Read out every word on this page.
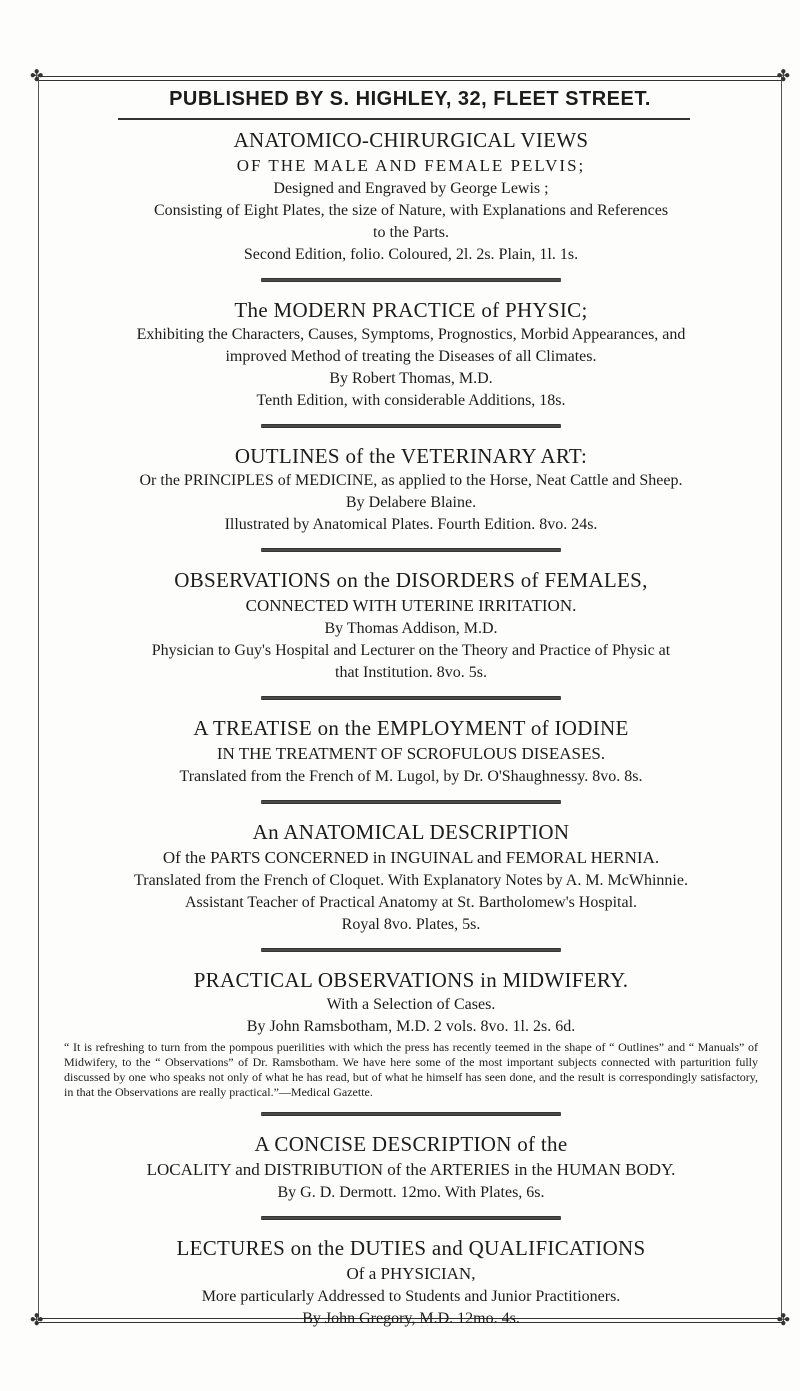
✤	✤
✤	✤
PUBLISHED BY S. HIGHLEY, 32, FLEET STREET.
ANATOMICO-CHIRURGICAL VIEWS
OF THE MALE AND FEMALE PELVIS;
Designed and Engraved by George Lewis ;
Consisting of Eight Plates, the size of Nature, with Explanations and References
to the Parts.
Second Edition, folio. Coloured, 2l. 2s. Plain, 1l. 1s.
The MODERN PRACTICE of PHYSIC;
Exhibiting the Characters, Causes, Symptoms, Prognostics, Morbid Appearances, and
improved Method of treating the Diseases of all Climates.
By Robert Thomas, M.D.
Tenth Edition, with considerable Additions, 18s.
OUTLINES of the VETERINARY ART:
Or the PRINCIPLES of MEDICINE, as applied to the Horse, Neat Cattle and Sheep.
By Delabere Blaine.
Illustrated by Anatomical Plates. Fourth Edition. 8vo. 24s.
OBSERVATIONS on the DISORDERS of FEMALES,
CONNECTED WITH UTERINE IRRITATION.
By Thomas Addison, M.D.
Physician to Guy's Hospital and Lecturer on the Theory and Practice of Physic at
that Institution. 8vo. 5s.
A TREATISE on the EMPLOYMENT of IODINE
IN THE TREATMENT OF SCROFULOUS DISEASES.
Translated from the French of M. Lugol, by Dr. O'Shaughnessy. 8vo. 8s.
An ANATOMICAL DESCRIPTION
Of the PARTS CONCERNED in INGUINAL and FEMORAL HERNIA.
Translated from the French of Cloquet. With Explanatory Notes by A. M. McWhinnie.
Assistant Teacher of Practical Anatomy at St. Bartholomew's Hospital.
Royal 8vo. Plates, 5s.
PRACTICAL OBSERVATIONS in MIDWIFERY.
With a Selection of Cases.
By John Ramsbotham, M.D. 2 vols. 8vo. 1l. 2s. 6d.
“ It is refreshing to turn from the pompous puerilities with which the press has recently teemed in the shape of “ Outlines” and “ Manuals” of Midwifery, to the “ Observations” of Dr. Ramsbotham. We have here some of the most important subjects connected with parturition fully discussed by one who speaks not only of what he has read, but of what he himself has seen done, and the result is correspondingly satisfactory, in that the Observations are really practical.”—Medical Gazette.
A CONCISE DESCRIPTION of the
LOCALITY and DISTRIBUTION of the ARTERIES in the HUMAN BODY.
By G. D. Dermott. 12mo. With Plates, 6s.
LECTURES on the DUTIES and QUALIFICATIONS
Of a PHYSICIAN,
More particularly Addressed to Students and Junior Practitioners.
By John Gregory, M.D. 12mo. 4s.
